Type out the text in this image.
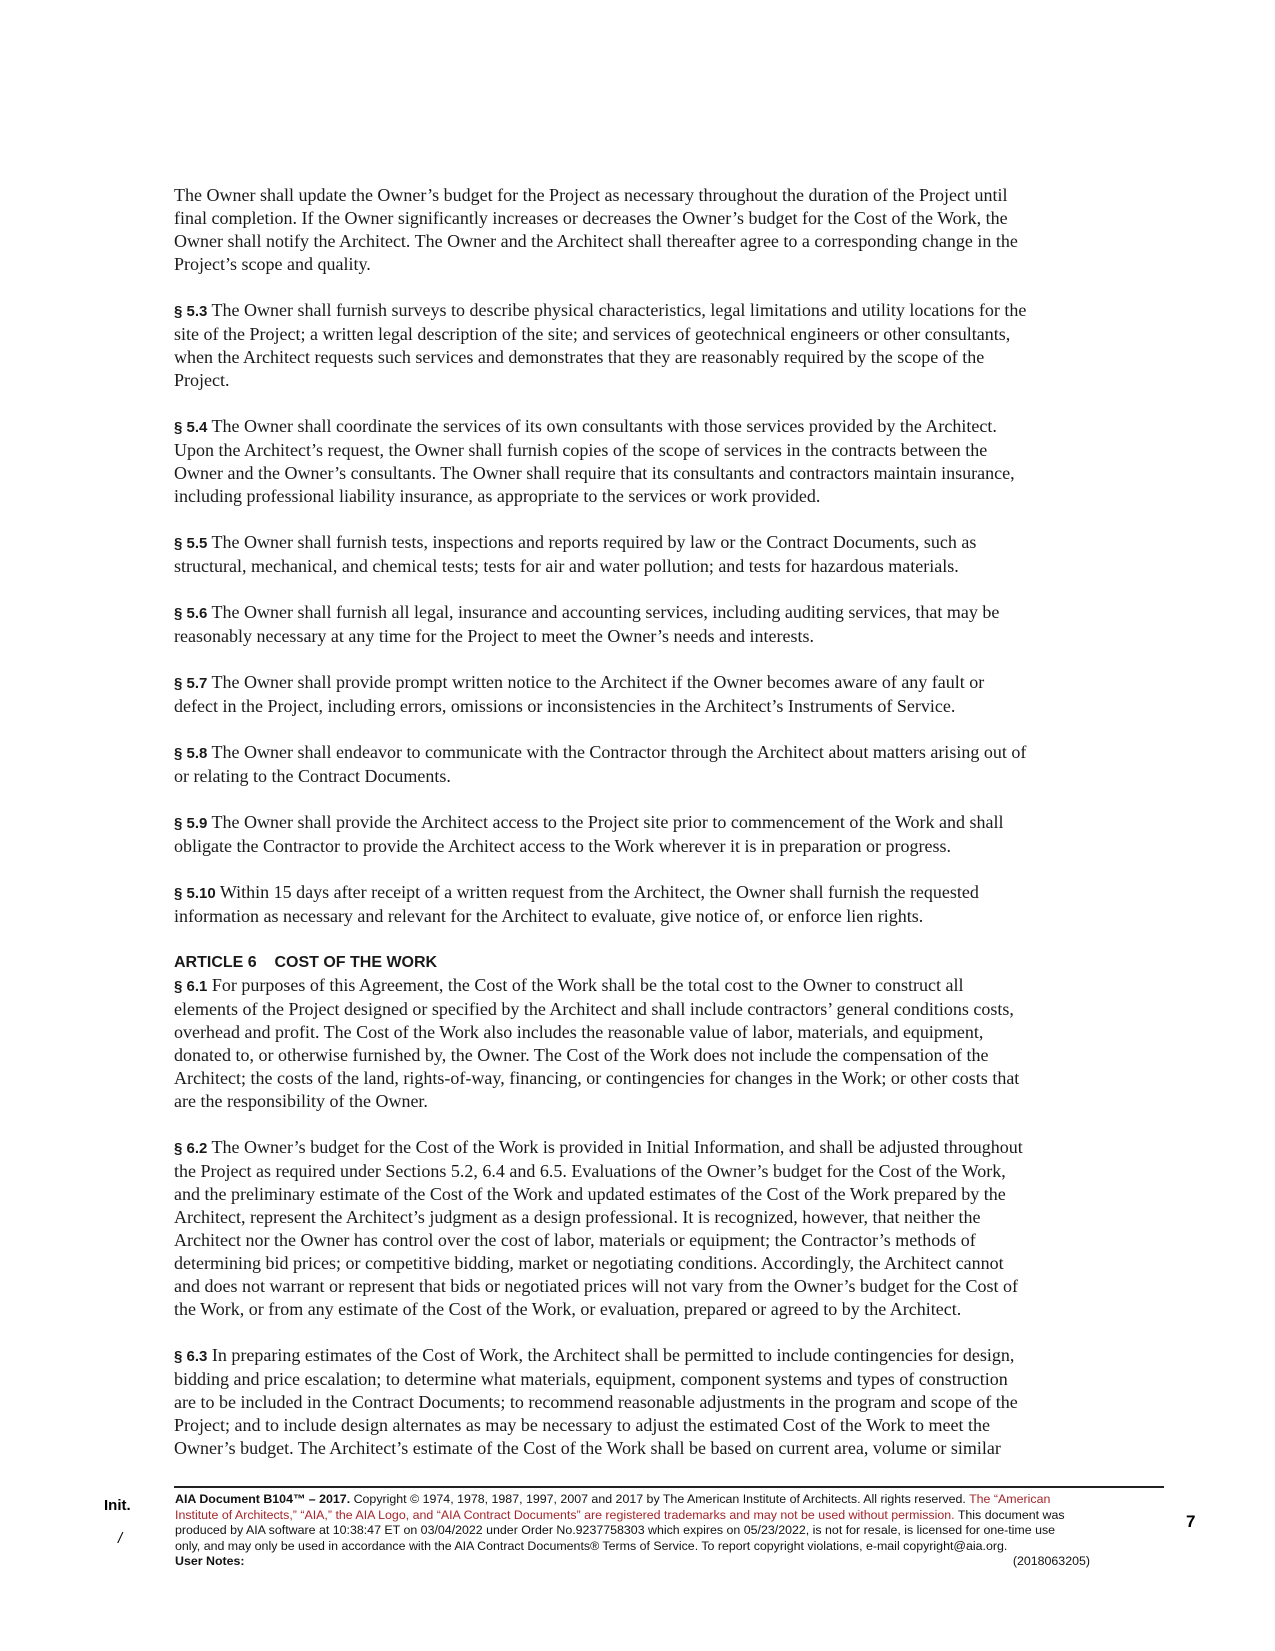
The Owner shall update the Owner’s budget for the Project as necessary throughout the duration of the Project until
final completion. If the Owner significantly increases or decreases the Owner’s budget for the Cost of the Work, the
Owner shall notify the Architect. The Owner and the Architect shall thereafter agree to a corresponding change in the
Project’s scope and quality.
§ 5.3 The Owner shall furnish surveys to describe physical characteristics, legal limitations and utility locations for the
site of the Project; a written legal description of the site; and services of geotechnical engineers or other consultants,
when the Architect requests such services and demonstrates that they are reasonably required by the scope of the
Project.
§ 5.4 The Owner shall coordinate the services of its own consultants with those services provided by the Architect.
Upon the Architect’s request, the Owner shall furnish copies of the scope of services in the contracts between the
Owner and the Owner’s consultants. The Owner shall require that its consultants and contractors maintain insurance,
including professional liability insurance, as appropriate to the services or work provided.
§ 5.5 The Owner shall furnish tests, inspections and reports required by law or the Contract Documents, such as
structural, mechanical, and chemical tests; tests for air and water pollution; and tests for hazardous materials.
§ 5.6 The Owner shall furnish all legal, insurance and accounting services, including auditing services, that may be
reasonably necessary at any time for the Project to meet the Owner’s needs and interests.
§ 5.7 The Owner shall provide prompt written notice to the Architect if the Owner becomes aware of any fault or
defect in the Project, including errors, omissions or inconsistencies in the Architect’s Instruments of Service.
§ 5.8 The Owner shall endeavor to communicate with the Contractor through the Architect about matters arising out of
or relating to the Contract Documents.
§ 5.9 The Owner shall provide the Architect access to the Project site prior to commencement of the Work and shall
obligate the Contractor to provide the Architect access to the Work wherever it is in preparation or progress.
§ 5.10 Within 15 days after receipt of a written request from the Architect, the Owner shall furnish the requested
information as necessary and relevant for the Architect to evaluate, give notice of, or enforce lien rights.
ARTICLE 6    COST OF THE WORK
§ 6.1 For purposes of this Agreement, the Cost of the Work shall be the total cost to the Owner to construct all
elements of the Project designed or specified by the Architect and shall include contractors’ general conditions costs,
overhead and profit. The Cost of the Work also includes the reasonable value of labor, materials, and equipment,
donated to, or otherwise furnished by, the Owner. The Cost of the Work does not include the compensation of the
Architect; the costs of the land, rights-of-way, financing, or contingencies for changes in the Work; or other costs that
are the responsibility of the Owner.
§ 6.2 The Owner’s budget for the Cost of the Work is provided in Initial Information, and shall be adjusted throughout
the Project as required under Sections 5.2, 6.4 and 6.5. Evaluations of the Owner’s budget for the Cost of the Work,
and the preliminary estimate of the Cost of the Work and updated estimates of the Cost of the Work prepared by the
Architect, represent the Architect’s judgment as a design professional. It is recognized, however, that neither the
Architect nor the Owner has control over the cost of labor, materials or equipment; the Contractor’s methods of
determining bid prices; or competitive bidding, market or negotiating conditions. Accordingly, the Architect cannot
and does not warrant or represent that bids or negotiated prices will not vary from the Owner’s budget for the Cost of
the Work, or from any estimate of the Cost of the Work, or evaluation, prepared or agreed to by the Architect.
§ 6.3 In preparing estimates of the Cost of Work, the Architect shall be permitted to include contingencies for design,
bidding and price escalation; to determine what materials, equipment, component systems and types of construction
are to be included in the Contract Documents; to recommend reasonable adjustments in the program and scope of the
Project; and to include design alternates as may be necessary to adjust the estimated Cost of the Work to meet the
Owner’s budget. The Architect’s estimate of the Cost of the Work shall be based on current area, volume or similar
Init.
/
7
AIA Document B104™ – 2017. Copyright © 1974, 1978, 1987, 1997, 2007 and 2017 by The American Institute of Architects. All rights reserved. The “American
Institute of Architects,” “AIA,” the AIA Logo, and “AIA Contract Documents” are registered trademarks and may not be used without permission. This document was
produced by AIA software at 10:38:47 ET on 03/04/2022 under Order No.9237758303 which expires on 05/23/2022, is not for resale, is licensed for one-time use
only, and may only be used in accordance with the AIA Contract Documents® Terms of Service. To report copyright violations, e-mail copyright@aia.org.
User Notes:	(2018063205)
